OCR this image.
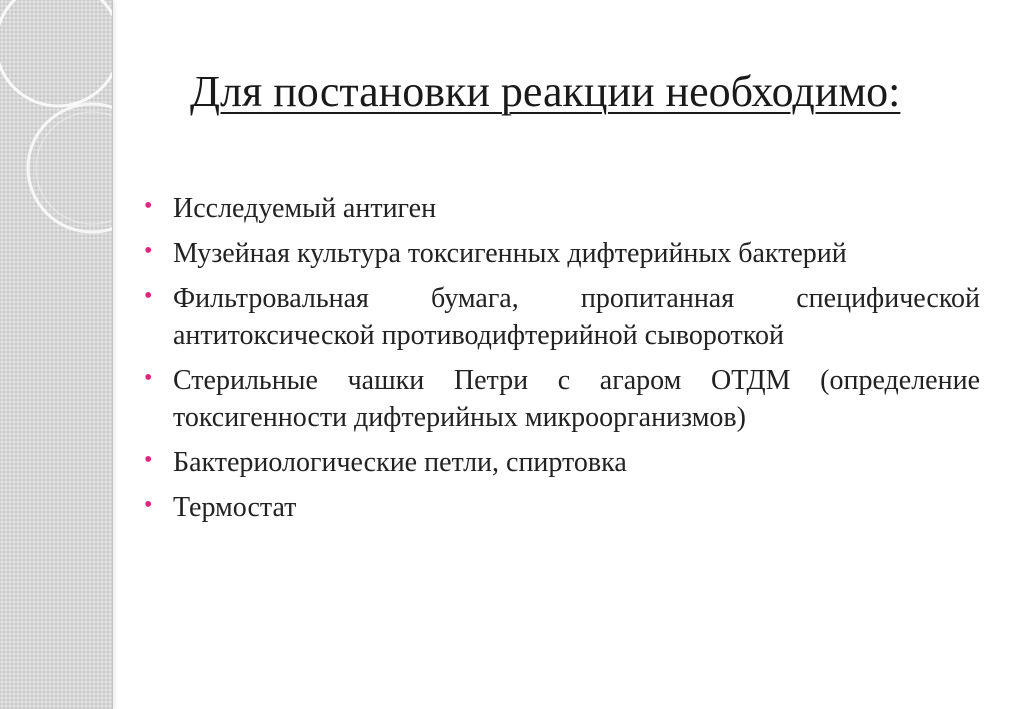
Для постановки реакции необходимо:
• Исследуемый антиген
• Музейная культура токсигенных дифтерийных бактерий
• Фильтровальная бумага, пропитанная специфической антитоксической противодифтерийной сывороткой
• Стерильные чашки Петри с агаром ОТДМ (определение токсигенности дифтерийных микроорганизмов)
• Бактериологические петли, спиртовка
• Термостат
